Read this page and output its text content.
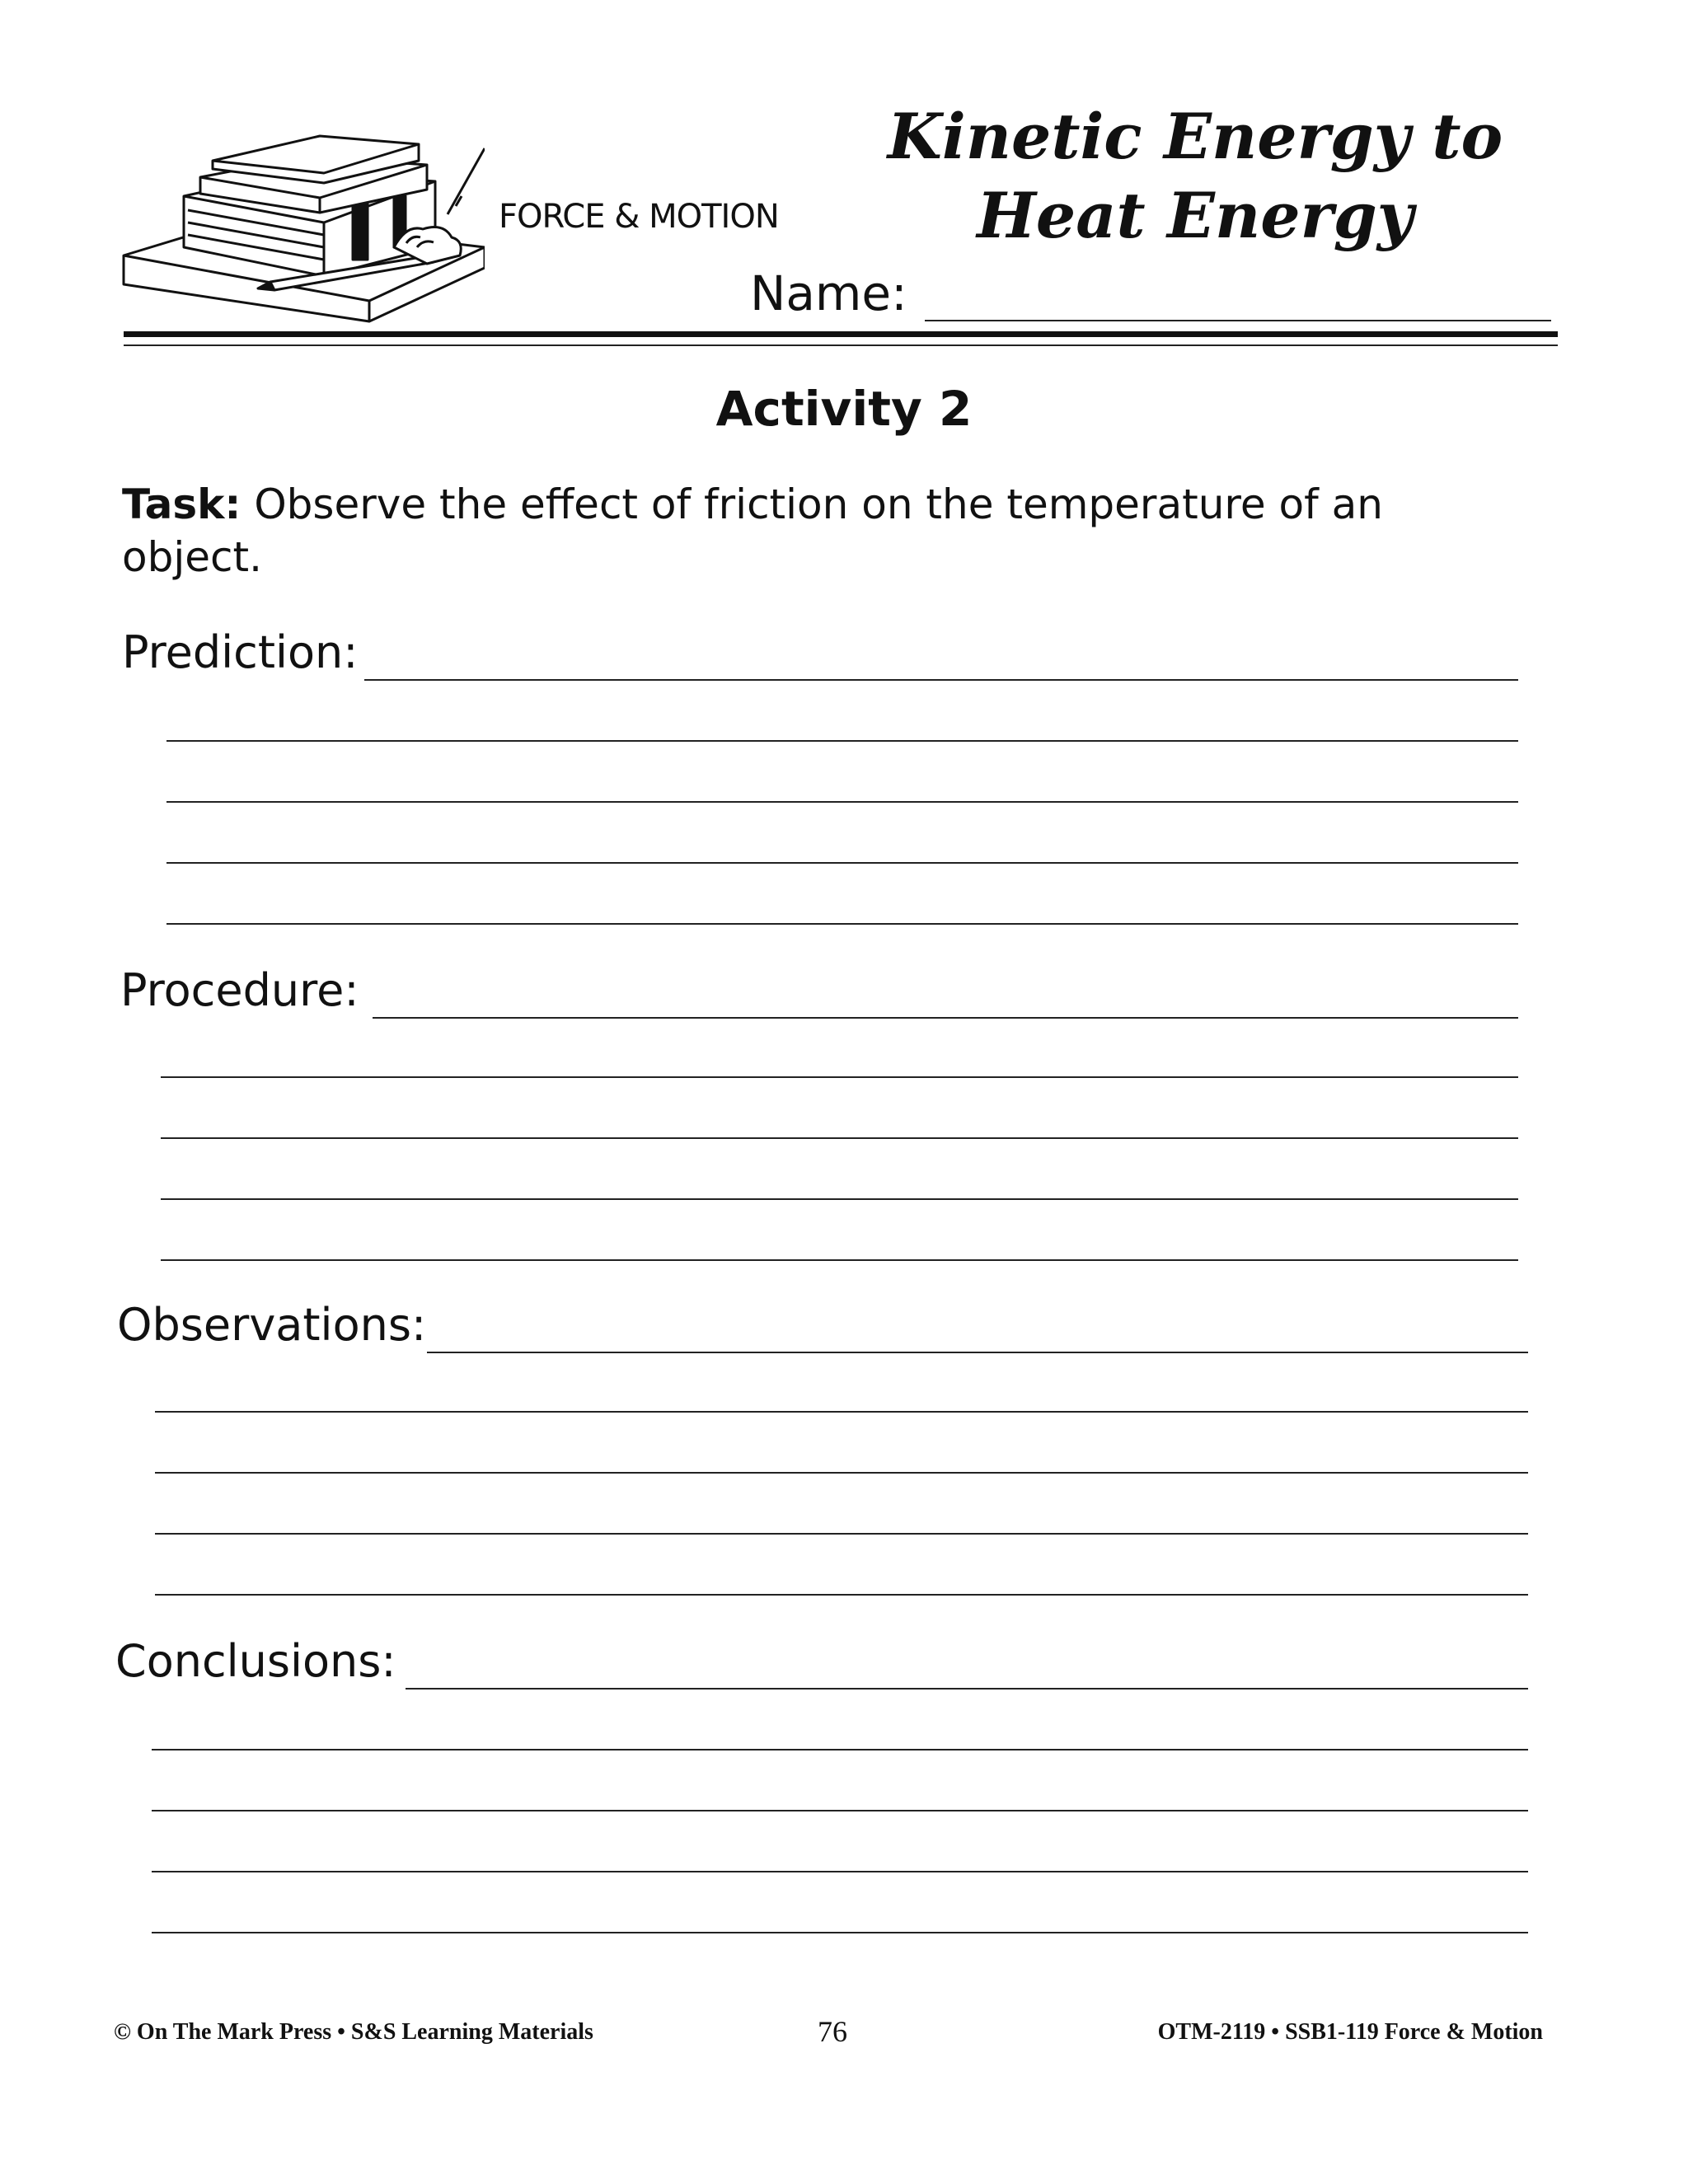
FORCE & MOTION
Kinetic Energy to
Heat Energy
Name:
Activity 2
Task: Observe the effect of friction on the temperature of an object.
Prediction:
Procedure:
Observations:
Conclusions:
© On The Mark Press • S&S Learning Materials	76	OTM-2119 • SSB1-119 Force & Motion
